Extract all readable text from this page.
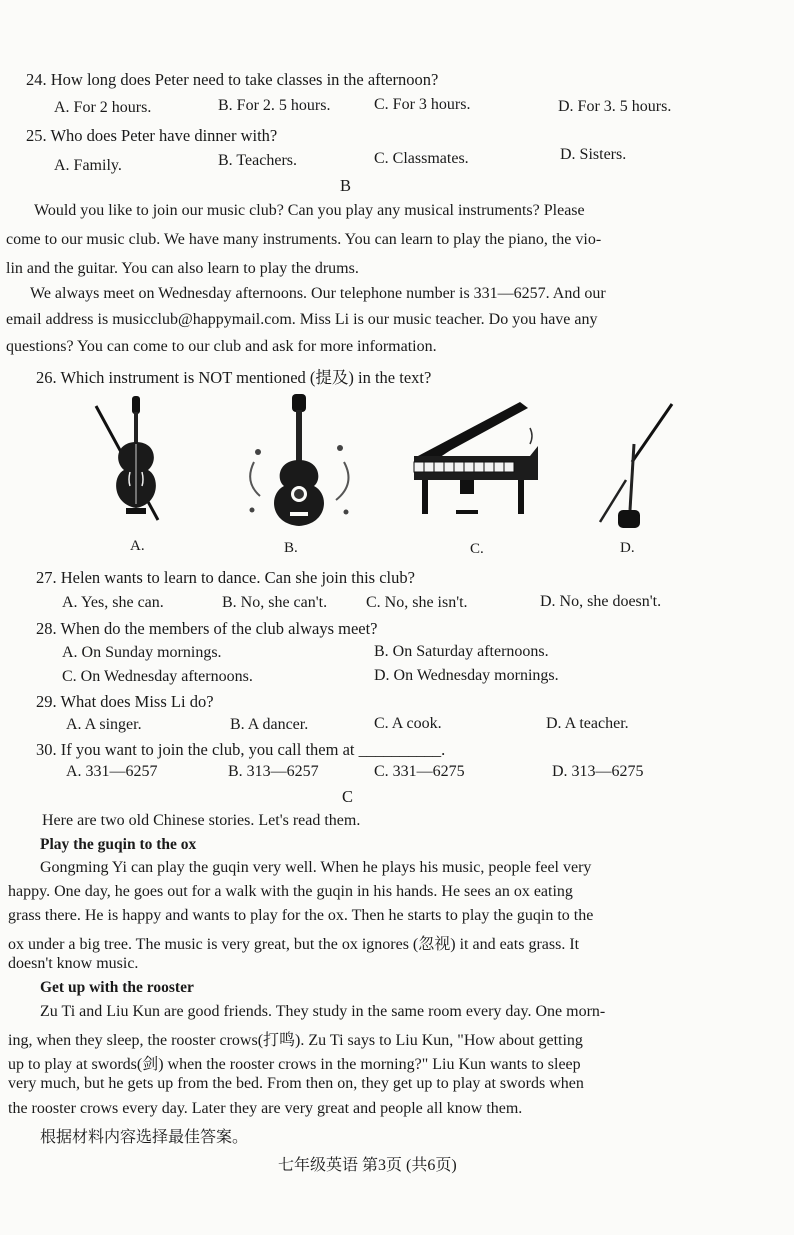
24. How long does Peter need to take classes in the afternoon?
A. For 2 hours.	B. For 2. 5 hours.	C. For 3 hours.	D. For 3. 5 hours.
25. Who does Peter have dinner with?
A. Family.	B. Teachers.	C. Classmates.	D. Sisters.
B
Would you like to join our music club? Can you play any musical instruments? Please
come to our music club. We have many instruments. You can learn to play the piano, the vio-
lin and the guitar. You can also learn to play the drums.
We always meet on Wednesday afternoons. Our telephone number is 331—6257. And our
email address is musicclub@happymail.com. Miss Li is our music teacher. Do you have any
questions? You can come to our club and ask for more information.
26. Which instrument is NOT mentioned (提及) in the text?
A.	B.	C.	D.
27. Helen wants to learn to dance. Can she join this club?
A. Yes, she can.	B. No, she can't. C. No, she isn't.	D. No, she doesn't.
28. When do the members of the club always meet?
A. On Sunday mornings.	B. On Saturday afternoons.
C. On Wednesday afternoons.	D. On Wednesday mornings.
29. What does Miss Li do?
A. A singer.	B. A dancer.	C. A cook.	D. A teacher.
30. If you want to join the club, you call them at __________.
A. 331—6257	B. 313—6257	C. 331—6275	D. 313—6275
C
Here are two old Chinese stories. Let's read them.
Play the guqin to the ox
Gongming Yi can play the guqin very well. When he plays his music, people feel very
happy. One day, he goes out for a walk with the guqin in his hands. He sees an ox eating
grass there. He is happy and wants to play for the ox. Then he starts to play the guqin to the
ox under a big tree. The music is very great, but the ox ignores (忽视) it and eats grass. It
doesn't know music.
Get up with the rooster
Zu Ti and Liu Kun are good friends. They study in the same room every day. One morn-
ing, when they sleep, the rooster crows(打鸣). Zu Ti says to Liu Kun, "How about getting
up to play at swords(剑) when the rooster crows in the morning?" Liu Kun wants to sleep
very much, but he gets up from the bed. From then on, they get up to play at swords when
the rooster crows every day. Later they are very great and people all know them.
根据材料内容选择最佳答案。
七年级英语 第3页 (共6页)
